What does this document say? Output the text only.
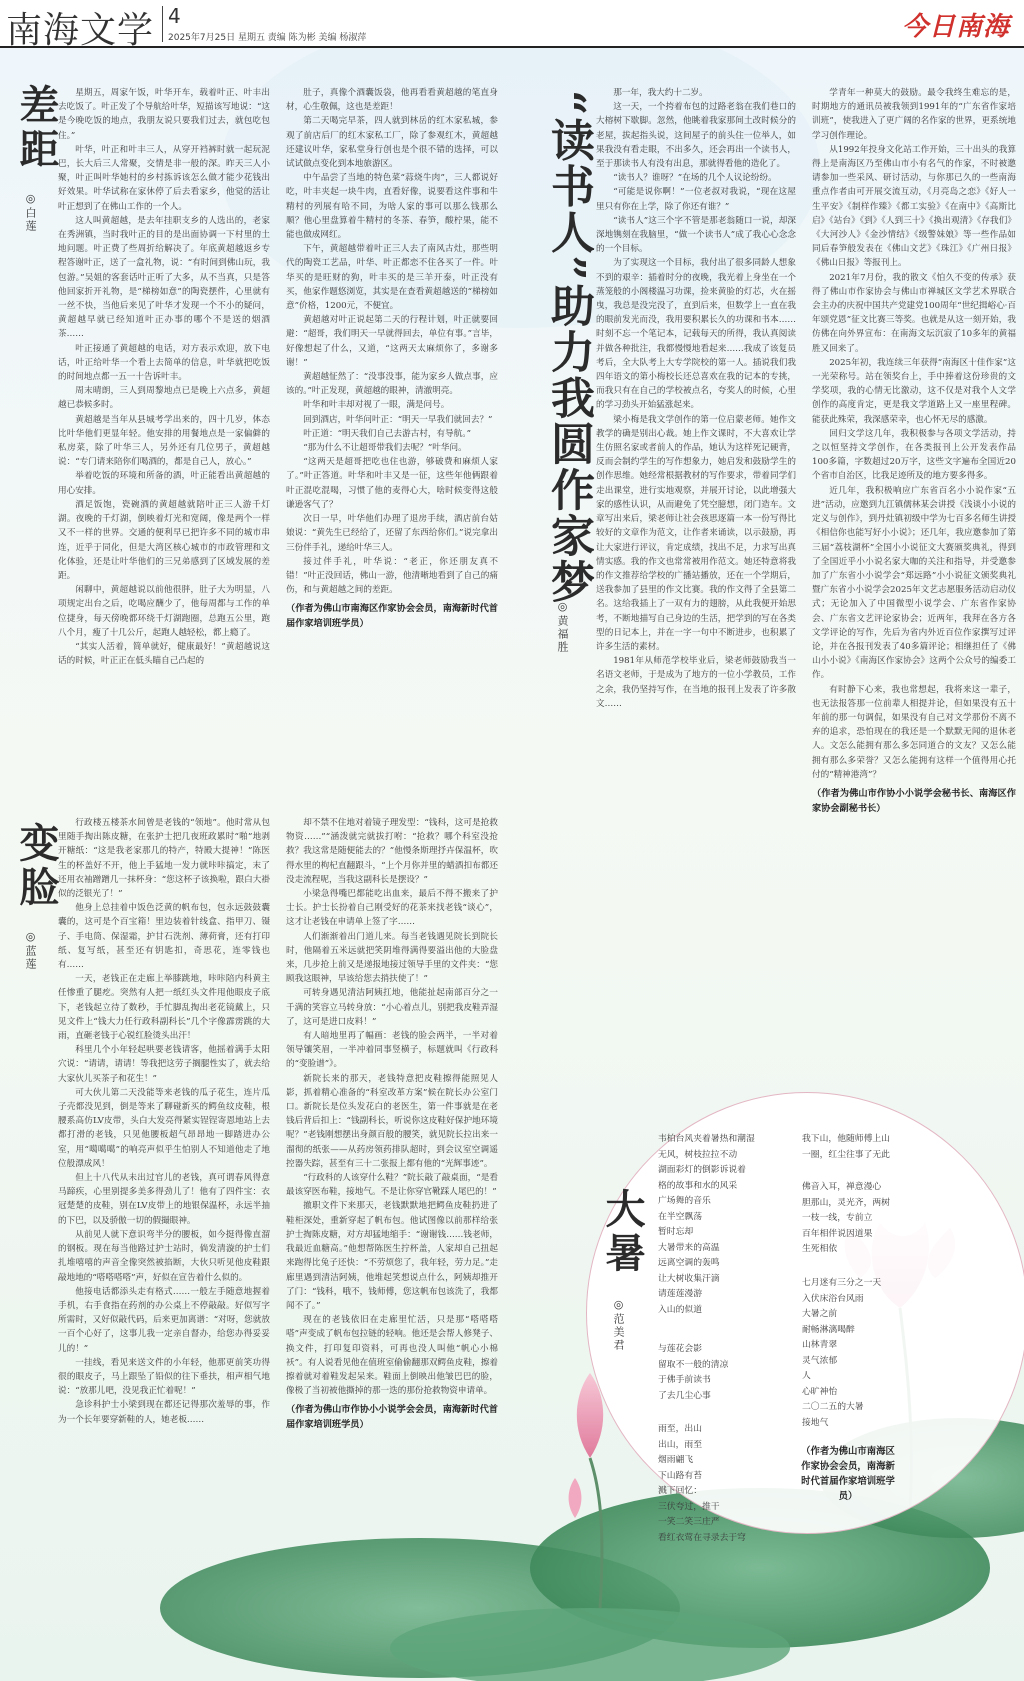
南海文学 4
2025年7月25日 星期五 责编 陈为彬 美编 杨淑萍	今日南海
差距
◎白莲

星期五，周家午饭，叶华开车，载着叶正、叶丰出去吃饭了。叶正发了个导航给叶华，短描该写地说：“这是今晚吃饭的地点，我朋友说只要我们过去，就包吃包住。”

叶华，叶正和叶丰三人，从穿开裆裤时就一起玩泥巴，长大后三人常聚，交情是非一般的深。昨天三人小聚，叶正叫叶华她村的乡村拣诉该怎么做才能少花钱出好效果。叶华试称在家休停了后去看家乡，他觉的活让叶正想到了在佛山工作的一个人。

这人叫黄超越，是去年挂职支乡的人选出的，老家在秀洲镇，当时我叶正的目的是出面协调一下村里的土地问题。叶正费了些周折给解决了。年底黄超越返乡专程答谢叶正，送了一盒礼物，说：“有时间到佛山玩，我包游。”吴姐的客套话叶正听了大多，从不当真，只是答他回家折开礼物，是“梯榜如意”的陶瓷摆件，心里就有一丝不快，当他后来见了叶华才发现一个不小的疑问，黄超越早就已经知道叶正办事的哪个不是送的烟酒茶……

叶正接通了黄超越的电话，对方表示欢迎，放下电话，叶正给叶华一个看上去简单的信息，叶华就把吃饭的时间地点都一五一十告诉叶丰。

周末晴朗，三人到周黎地点已是晚上六点多，黄超越已恭候多时。

黄超越是当年从县城考学出来的，四十几岁，体态比叶华他们更显年轻。他安排的用餐地点是一家偏僻的私房菜，除了叶华三人，另外还有几位男子，黄超越说：“专门请来陪你们喝酒的，都是自己人，放心。”

举着吃饭的环境和所备的酒，叶正能看出黄超越的用心安排。

酒足饭饱，瓷碗酒的黄超越就陪叶正三人游千灯湖。夜晚的千灯湖，倒映着灯光和宽阔，像是两个一样又不一样的世界。交通的便利早已把许多不同的城市串连，近乎于同化，但是大湾区核心城市的市政管理和文化体验，还是让叶华他们的三兄弟感到了区域发展的差距。

闲聊中，黄超越说以前他很胖，肚子大为明显，八项规定出台之后，吃喝应酬少了，他每周都与工作的单位捷身，每天傍晚都环绕千灯湖跑圈，总跑五公里，跑八个月，瘦了十几公斤，起跑人越轻松，都上瘾了。

“其实人活着，简单就好，健康最好！”黄超越说这话的时候，叶正正在低头瞄自己凸起的

肚子，真像个酒囊饭袋，他再看看黄超越的笔直身材，心生敬佩，这也是差距！

第二天喝完早茶，四人就到林岳的红木家私城，参观了前店后厂的红木家私工厂，除了参观红木，黄超越还建议叶华，家私堂身行创也是个很不错的选择，可以试试做点变化到本地旅游区。

中午品尝了当地的特色菜“蒜烧牛肉”，三人都说好吃，叶丰夹起一块牛肉，直看好像，说要看这件事和牛精村的列展有哈不同，为啥人家的事可以那么钱那么顺？他心里盘算着牛精村的冬茶、春笋，酸柠果，能不能也做成网红。

下午，黄超越带着叶正三人去了南风古灶，那些明代的陶瓷工艺品，叶华、叶正都恋不住各买了一件。叶华买的是旺财的狗，叶丰买的是三羊开泰，叶正没有买，他家作题悠浏览，其实是在查看黄超越送的“梯榜如意”价格，1200元，不便宜。

黄超越对叶正说起第二天的行程计划，叶正就要回避：“超哥，我们明天一早就得回去，单位有事。”言毕，好像想起了什么，又道，“这两天太麻烦你了，多谢多谢！”

黄超越怔然了：“没事没事，能为家乡人做点事，应该的。”叶正发现，黄超越的眼神，清澈明亮。

叶华和叶丰却对视了一眼，满是问号。

回到酒店，叶华问叶正：“明天一早我们就回去？”

叶正道：“明天我们自己去游古村，有导航。”

“那为什么不让超哥带我们去呢？”叶华问。

“这两天是超哥把吃也住也游，够破费和麻烦人家了。”叶正答道。叶华和叶丰又是一征，这些年他俩跟着叶正混吃混喝，习惯了他的麦得心大，啥时候变得这般谦逊客气了？

次日一早，叶华他们办理了退房手续，酒店前台姑娘说：“黄先生已经给了，还留了东西给你们。”说完拿出三份伴手礼，递给叶华三人。

接过伴手礼，叶华说：“老正，你还朋友真不错！”叶正没回话，佛山一游，他清晰地看到了自己的痛伤，和与黄超越之间的差距。

（作者为佛山市南海区作家协会会员，南海新时代首届作家培训班学员）

“读书人”助力我圆作家梦
◎黄福胜

那一年，我大约十二岁。

这一天，一个挎着布包的过路老翁在我们巷口的大榕树下歇脚。忽然，他眺着我家那间土改时候分的老屋，拔起指头说，这间屋子的前头住一位举人，如果我没有看走眼，不出多久，还会再出一个读书人，至于那读书人有没有出息，那就得看他的造化了。

“读书人？谁呀？”在场的几个人议论纷纷。

“可能是说你啊！”一位老叔对我说，“现在这屋里只有你在上学，除了你还有谁？”

“读书人”这三个字不管是那老翁随口一说，却深深地镌刻在我脑里，“做一个读书人”成了我心心念念的一个目标。

为了实现这一个目标，我付出了很多同龄人想象不到的艰辛：插着时分的夜晚，我光着上身坐在一个蒸笼般的小阁楼温习功课，捡来黄脸的灯芯，火在摇曳，我总是没完没了，直到后来，但数学上一直在我的眼前发光而没，我用要积累长久的功课和书本……时刻不忘一个笔记本，记载每天的所得，我认真阅读并做各种批注，我都慢慢地看起来……我成了该复员考后，全大队考上大专学院校的第一人。插说我们我四年语文的第小梅校长还总喜欢在我的记本的专挑，而我只有在自己的学校被点名，夸奖人的时候，心里的学习劲头开始猛涨起来。

梁小梅是我文学创作的第一位启蒙老师。她作文教学的确是别出心裁。她上作文课时，不大喜欢让学生仿照名家或者前人的作品，她认为这样死记硬背，反而会制约学生的写作想象力，她启发和鼓励学生的创作思维。她经常根据教材的写作要求，带着同学们走出课堂，进行实地观察，并展开讨论，以此增强大家的感性认识，从而避免了凭空臆想，闭门造车。文章写出来后，梁老师让社会孩思逐篇一本一份写得比较好的文章作为范文，让作者来诵读，以示鼓励，再让大家进行评议，肯定成绩，找出不足，力求写出真情实感。我的作文也常常被用作范文。她还特意将我的作文推荐给学校的广播站播放，还在一个学期后，送我参加了县里的作文比赛。我的作文得了全县第二名。这给我插上了一双有力的翅膀，从此我便开始思考，不断地描写自己身边的生活，把学到的写在各类型的日记本上，并在一字一句中不断进步，也积累了许多生活的素材。

1981年从师范学校毕业后，梁老师鼓励我当一名语文老师，于是成为了地方的一位小学教员，工作之余，我仍坚持写作，在当地的报刊上发表了许多散文……

学青年一种莫大的鼓励。最令我终生难忘的是，时期地方的通讯员被我领到1991年的“广东省作家培训班”，使我进入了更广阔的名作家的世界，更系统地学习创作理论。

从1992年投身文化站工作开始，三十出头的我算得上是南海区乃至佛山市小有名气的作家，不时被邀请参加一些采风、研讨活动，与你那已久的一些南海重点作者由可开展交流互动，《月亮岛之恋》《好人一生平安》《制样作臻》《都工实验》《在南中》《高斯比启》《站台》《到》《人到三十》《换出观清》《存我们》《大河沙人》《金沙情结》《级警妹娘》等一些作品如同后春笋般发表在《佛山文艺》《珠江》《广州日报》《佛山日报》等报刊上。

2021年7月份，我的散文《怕久不变的传承》获得了佛山市作家协会与佛山市禅城区文学艺术界联合会主办的庆祝中国共产党建党100周年“世纪揖峪心·百年颂党恩”征文比赛三等奖。也就是从这一刻开始，我仿佛在向外界宣布：在南海文坛沉寂了10多年的黄福胜又回来了。

2025年初，我连续三年获得“南海区十佳作家”这一光荣称号。站在领奖台上，手中捧着这份珍贵的文学奖项，我的心情无比激动，这不仅是对我个人文学创作的高度肯定，更是我文学道路上又一座里程碑。能获此殊荣，我深感荣幸，也心怀无尽的感激。

回归文学这几年，我积极参与各项文学活动，持之以恒坚持文学创作，在各类报刊上公开发表作品100多篇，字数超过20万字，这些文字遍布全国近20个省市自治区，比我足迹所及的地方要多得多。

近几年，我积极响应广东省百名小小说作家“五进”活动，应邀到九江镇儒林某会讲授《浅谈小小说的定义与创作》，到丹灶镇初级中学为七百多名师生讲授《相信你也能写好小小说》；还几年，我应邀参加了第三届“荔枝湖杯”全国小小说征文大赛颁奖典礼，得到了全国近乎小小说名家大咖的关注和指导，并受邀参加了广东省小小说学会“郑远路”小小说征文颁奖典礼暨广东省小小说学会2025年文艺志愿服务活动启动仪式；无论加入了中国微型小说学会、广东省作家协会、广东省文艺评论家协会；近两年，我拜在各方各文学评论的写作，先后为省内外近百位作家撰写过评论，并在各报刊发表了40多篇评论；相继担任了《佛山小小说》《南海区作家协会》这两个公众号的编委工作。

有时静下心来，我也常想起，我将来这一辈子，也无法报答那一位前辈人相提并论，但如果没有五十年前的那一句调侃，如果没有自己对文学那份不离不弃的追求，恐怕现在的我还是一个默默无闻的退休老人。文怎么能拥有那么多怎同道合的文友？又怎么能拥有那么多荣誉？又怎么能拥有这样一个值得用心托付的“精神港湾”？

（作者为佛山市作协小小说学会秘书长、南海区作家协会副秘书长）

变脸
◎蓝莲

行政楼五楼茶水间曾是老钱的“领地”。他时常从包里随手掏出陈皮糖，在张护士把几夜班政累时“啪”地剥开糖纸：“这是我老家那几的特产，特殿大提神！”陈医生的杯盖好不开，他上手猛地一发力就咔咔搞定，末了还用衣袖蹭蹭几一抹杯身：“您这杯子该换啦，跟白大褂似的泛银光了！”

他身上总挂着中饭色泛黄的帆布包，包永远鼓鼓囊囊的，这可是个百宝箱！里边装着针线盒、指甲刀、镊子、手电筒、保湿霜，护甘石洗剂、薄荷膏，还有打印纸、复写纸，甚至还有钥匙扣，奇思花，连零钱也有……

一天，老钱正在走廊上举膝跳地，咔咔陪内科黄主任惨重了腿疙。突然有人把一纸红头文件甩他眼皮子底下，老钱起立待了数秒，手忙脚乱掏出老花镜戴上，只见文件上“钱大力任行政科副科长”几个字像霹雳跳的大雨，直砸老钱于心锐红脸烫头出汗！

科里几个小年轻起哄要老钱请客，他摇着满手太阳穴说：“请请，请请！等我把这劳子搁腿性实了，就去给大家伙儿买茶子和花生！”

可大伙儿第二天没能等来老钱的瓜子花生，连片瓜子壳都没见到，倒是等来了聊碰新买的鳄鱼纹皮鞋，根腰系高仿LV皮带，头白大发亮得紧实锃锃寄恩地站上去都打滑的老钱，只见他腰板超气昂昂地一脚踏进办公室，用“噶噶噶”的响亮声似乎生怕别人不知道他走了地位般漂成风！

但上十八代从未出过官儿的老钱，真可谓春风得意马蹄疾，心里别提多美多得劲儿了！他有了四件宝：衣冠楚楚的皮鞋，别在LV皮带上的地银保温杯，永远半抽的下巴，以及骄傲一切的假撮眼神。

从前见人就下意识弯半分的腰板，如今挺得像直溜的钢板。现在每当他路过护士站时，倘发清漩的护士们扎堆嘻嘻的声音全像突然被掐断，大伙只听见他皮鞋跟敲地地的“嗒嗒嗒嗒”声，好似在宣告着什么似的。

他接电话都添头走有格式……一般左手随意地握着手机，右手食指在药剂的办公桌上不停敲敲。好似写字所需时，又好似敲代码，后来更加离谱：“对呀，您就放一百个心好了，这事儿我一定亲自督办，给您办得妥妥儿的！”

一挂线，看见来送文件的小年轻，他那更前笑功得很的眼皮子，马上跟坠了铅似的往下垂扶，相声相气地说：“放那儿吧，没见我正忙着呢！”

急诊科护士小梁到现在都还记得那次羞辱的事，作为一个长年要穿新鞋的人，她老板……

却不禁不住地对着镜子理发型：“钱科，这可是抢救物资……”“涵泼就完就拔打咐：“抢救？哪个科室没抢救？我这常是随便能去的？”他慢条斯理抒卉保温杯，吹得水里的枸杞直翻跟斗，“上个月你并里的蜡酒扣布都还没走流程呢，当我这副科长是摆设？”

小梁急得嘴巴都能吃出血来，最后不得不搬来了护士长。护士长扮着自己刚受好的花茶来找老钱“谈心”，这才让老钱在申请单上签了字……

人们渐渐着出门道儿来。每当老钱遇见院长到院长时，他隔着五米远就把笑阴堆得满得要溢出他的大脸盘来，几步抢上前又是递报地接过领导手里的文件夹：“您顾我这眼神，早该给您去捎扶使了！”

可转身遇见清洁阿姨扛地，他能扯起南部百分之一千满的笑容立马转身放：“小心着点儿，别把我皮鞋弄湿了，这可是进口皮料！”

有人暗地里再了幅画：老钱的脸会两半，一半对着领导镶笑眉，一半冲着同事竖横子，标题就叫《行政科的“变脸谱”》。

新院长来的那天，老钱特意把皮鞋擦得能照见人影，抓着精心准备的“科室改革方案”候在院长办公室门口。新院长是位头发花白的老医生，第一件事就是在老钱后背后扣上：“钱副科长，听说你这皮鞋好保护地环境呢？”老钱刚想摆出身颜百般的腰笑，就见院长拉出来一溜彻的纸张——从药房领药排队超时，到会议室空调遥控器失踪，甚至有三十二张报上都有他的“光辉事迹”。

“行政科的人该穿什么鞋？”院长敲了敲桌面，“是看最该穿医布鞋，接地气。不是让你穿官靴踩人尾巴的！”

撤职文件下来那天，老钱默默地把鳄鱼皮鞋扔进了鞋柜深处，重新穿起了帆布包。他试图像以前那样给张护士掏陈皮糖，对方却猛地缩手：“谢谢钱……钱老师，我最近血糖高。”他想帮陈医生拧杯盖，人家却自己扭起来跑得比兔子还快：“不劳烦您了，我年轻，劳力足。”走廊里遇到清洁阿姨，他堆起笑想说点什么，阿姨却推开了门：“钱科，哦不，钱师傅，您这帆布包该洗了，我都闻不了。”

现在的老钱依旧在走廊里忙活，只是那“嗒嗒嗒嗒”声变成了帆布包拉链的轻响。他还是会帮人修凳子、换文件，打印复印资料，可再也没人叫他“帆心小棉袄”。有人说看见他在值班室偷偷翻那双鳄鱼皮鞋，擦着擦着就对着鞋发起呆来。鞋面上倒映出他皱巴巴的脸，像极了当初被他撕掉的那一迭的那份抢救物资申请单。

（作者为佛山市作协小小说学会会员，南海新时代首届作家培训班学员）

大暑
◎范美君
韦柏台风夹着暑热和潮湿
无风，树枝拉拉不动
湖面彩灯的倒影诉说着
格的故事和水的风采
广场舞的音乐
在半空飘荡
暂时忘却
大暑带来的高温
远离空调的轰鸣
让大树收集汗滴
请莲莲漫游
入山的似道
与莲花会影
留取不一般的清凉
于佛手前读书
了去几尘心事
雨至，出山
出山，雨至
烟雨翩飞
下山路有苔
溅下回忆：
三伏夸过，推干
一笑二笑三庄严
看红衣莺在寻录去于穹
我下山，他随师傅上山
一圈，红尘往事了无此
佛音入耳，禅意漫心
胆那山，灵光齐，两树
一枝一线，专前立
百年相伴说因道果
生死相依
七月迷有三分之一天
入伏床浴台风雨
大暑之前
耐畅淋漓喝醉
山林青翠
灵气浓郁
人
心旷神怡
二〇二五的大暑
接地气
（作者为佛山市南海区作家协会会员，南海新时代首届作家培训班学员）
